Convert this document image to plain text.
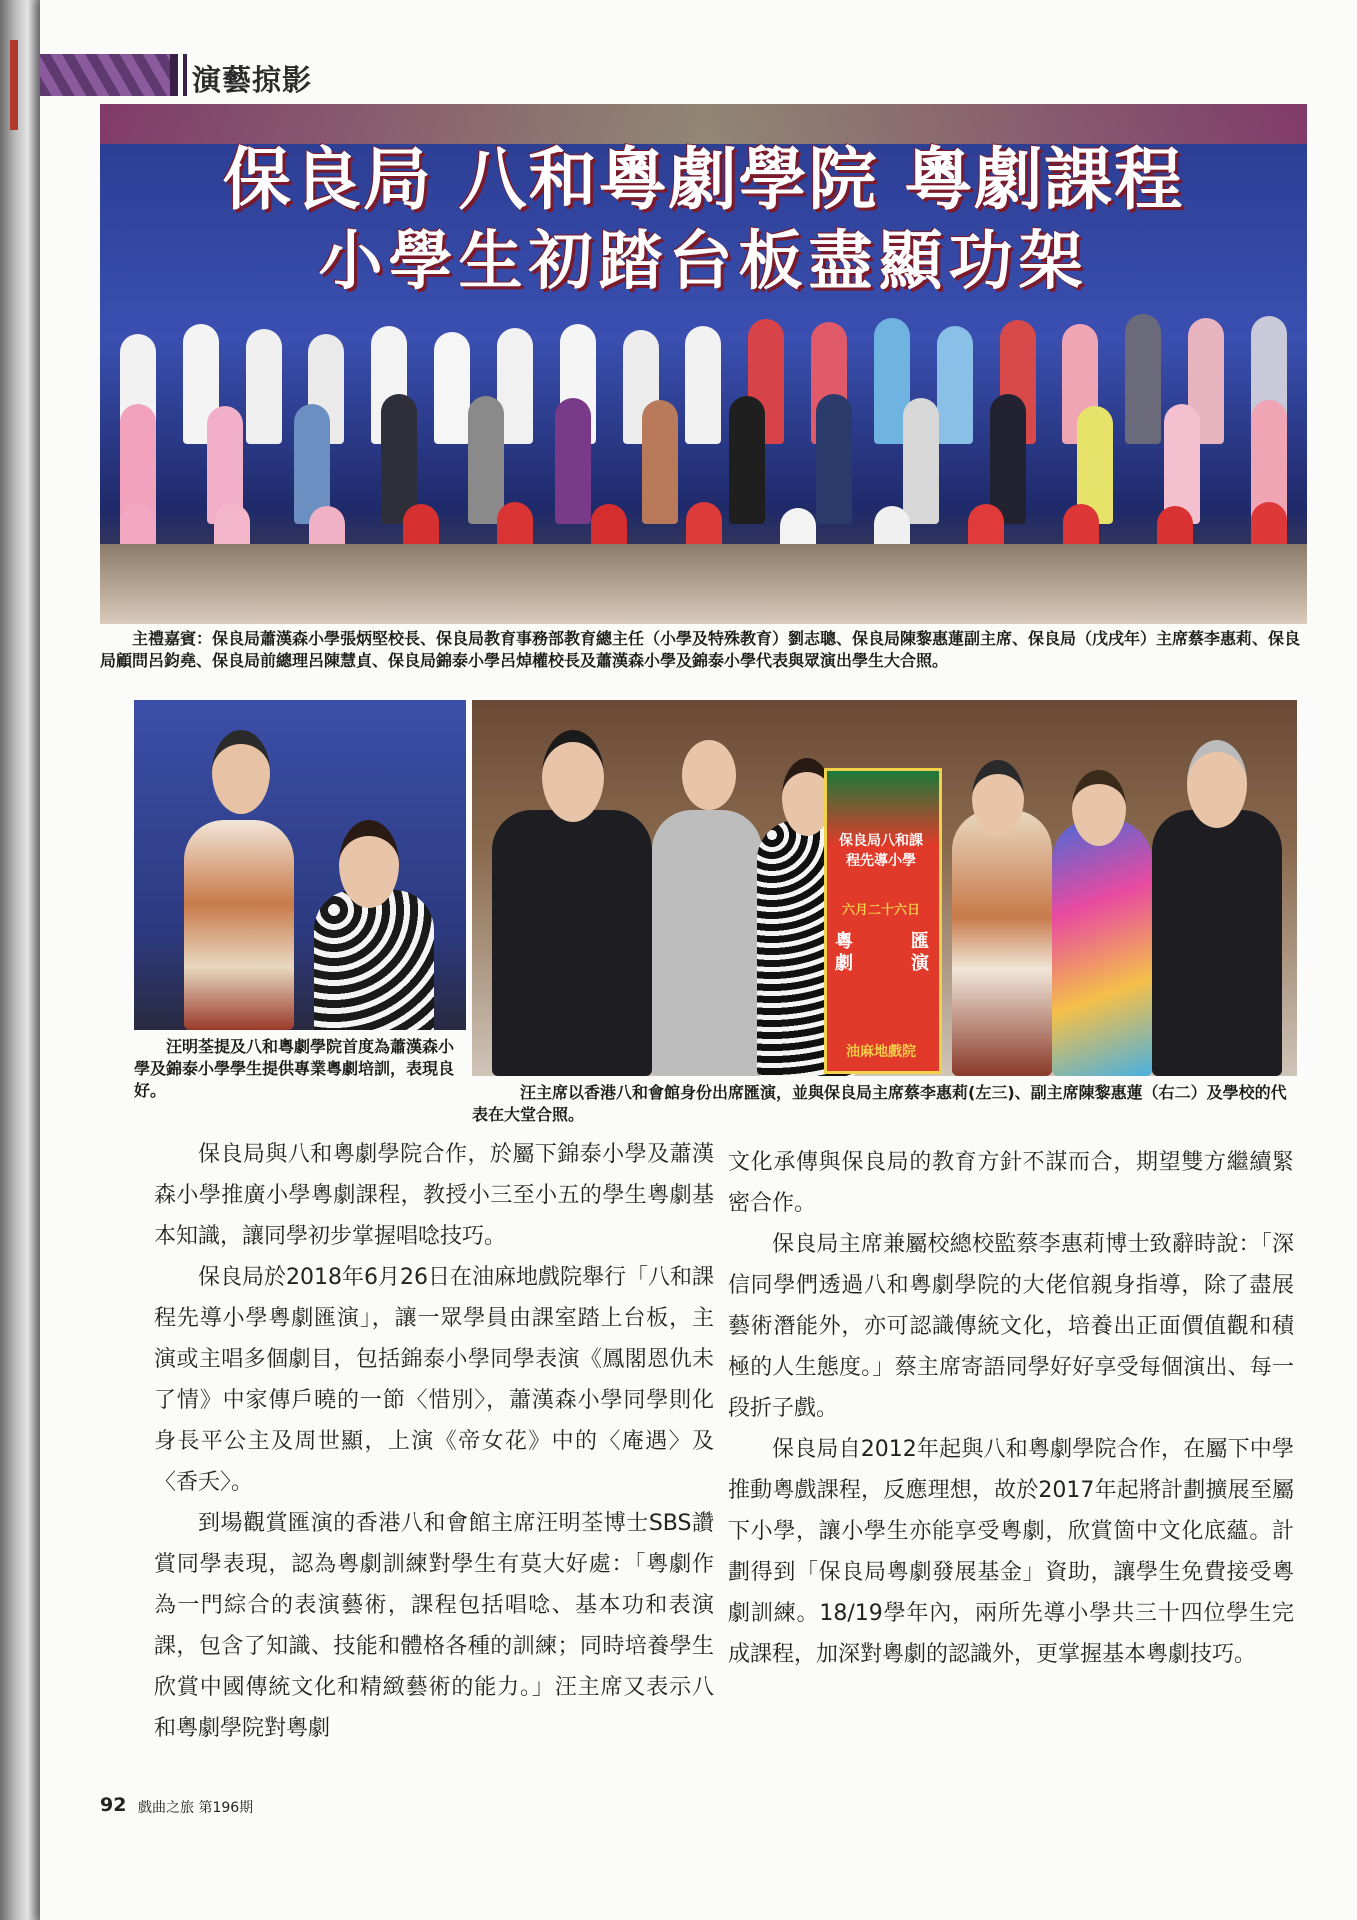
演藝掠影
保良局 八和粵劇學院 粵劇課程
小學生初踏台板盡顯功架
主禮嘉賓：保良局蕭漢森小學張炳堅校長、保良局教育事務部教育總主任（小學及特殊教育）劉志聰、保良局陳黎惠蓮副主席、保良局（戊戌年）主席蔡李惠莉、保良局顧問呂鈞堯、保良局前總理呂陳慧貞、保良局錦泰小學呂焯權校長及蕭漢森小學及錦泰小學代表與眾演出學生大合照。
汪明荃提及八和粵劇學院首度為蕭漢森小學及錦泰小學學生提供專業粵劇培訓，表現良好。
保良局八和課程先導小學
六月二十六日
粵劇
匯演
油麻地戲院
汪主席以香港八和會館身份出席匯演，並與保良局主席蔡李惠莉(左三)、副主席陳黎惠蓮（右二）及學校的代表在大堂合照。

保良局與八和粵劇學院合作，於屬下錦泰小學及蕭漢森小學推廣小學粵劇課程，教授小三至小五的學生粵劇基本知識，讓同學初步掌握唱唸技巧。

保良局於2018年6月26日在油麻地戲院舉行「八和課程先導小學粵劇匯演」，讓一眾學員由課室踏上台板，主演或主唱多個劇目，包括錦泰小學同學表演《鳳閣恩仇未了情》中家傳戶曉的一節〈惜別〉，蕭漢森小學同學則化身長平公主及周世顯，上演《帝女花》中的〈庵遇〉及〈香夭〉。

到場觀賞匯演的香港八和會館主席汪明荃博士SBS讚賞同學表現，認為粵劇訓練對學生有莫大好處：「粵劇作為一門綜合的表演藝術，課程包括唱唸、基本功和表演課，包含了知識、技能和體格各種的訓練；同時培養學生欣賞中國傳統文化和精緻藝術的能力。」汪主席又表示八和粵劇學院對粵劇

文化承傳與保良局的教育方針不謀而合，期望雙方繼續緊密合作。

保良局主席兼屬校總校監蔡李惠莉博士致辭時說：「深信同學們透過八和粵劇學院的大佬倌親身指導，除了盡展藝術潛能外，亦可認識傳統文化，培養出正面價值觀和積極的人生態度。」蔡主席寄語同學好好享受每個演出、每一段折子戲。

保良局自2012年起與八和粵劇學院合作，在屬下中學推動粵戲課程，反應理想，故於2017年起將計劃擴展至屬下小學，讓小學生亦能享受粵劇，欣賞箇中文化底蘊。計劃得到「保良局粵劇發展基金」資助，讓學生免費接受粵劇訓練。18/19學年內，兩所先導小學共三十四位學生完成課程，加深對粵劇的認識外，更掌握基本粵劇技巧。

92 戲曲之旅 第196期
